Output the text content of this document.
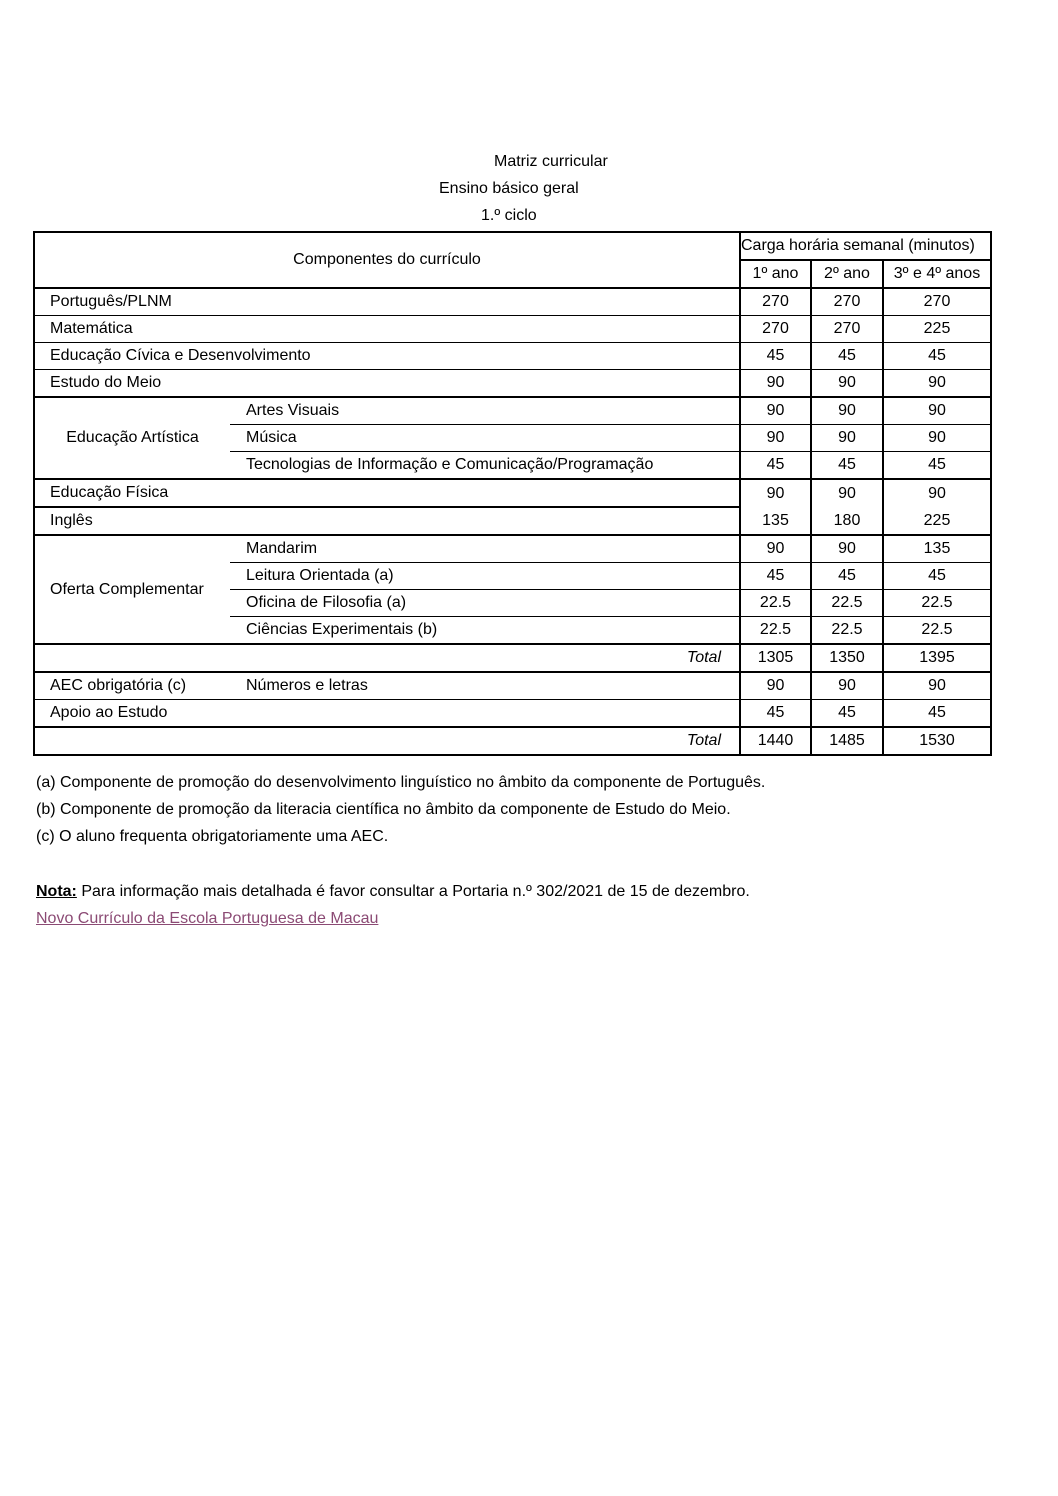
Matriz curricular
Ensino básico geral
1.º ciclo
Componentes do currículo		Carga horária semanal (minutos)		
		1º ano	2º ano	3º e 4º anos
Português/PLNM		270	270	270
Matemática		270	270	225
Educação Cívica e Desenvolvimento		45	45	45
Estudo do Meio		90	90	90
Educação Artística	Artes Visuais	90	90	90
	Música	90	90	90
	Tecnologias de Informação e Comunicação/Programação	45	45	45
Educação Física		90	90	90
Inglês		135	180	225
Oferta Complementar	Mandarim	90	90	135
	Leitura Orientada (a)	45	45	45
	Oficina de Filosofia (a)	22.5	22.5	22.5
	Ciências Experimentais (b)	22.5	22.5	22.5
Total		1305	1350	1395
AEC obrigatória (c)	Números e letras	90	90	90
Apoio ao Estudo		45	45	45
Total		1440	1485	1530

(a) Componente de promoção do desenvolvimento linguístico no âmbito da componente de Português.

(b) Componente de promoção da literacia científica no âmbito da componente de Estudo do Meio.

(c) O aluno frequenta obrigatoriamente uma AEC.

Nota: Para informação mais detalhada é favor consultar a Portaria n.º 302/2021 de 15 de dezembro.
Novo Currículo da Escola Portuguesa de Macau
